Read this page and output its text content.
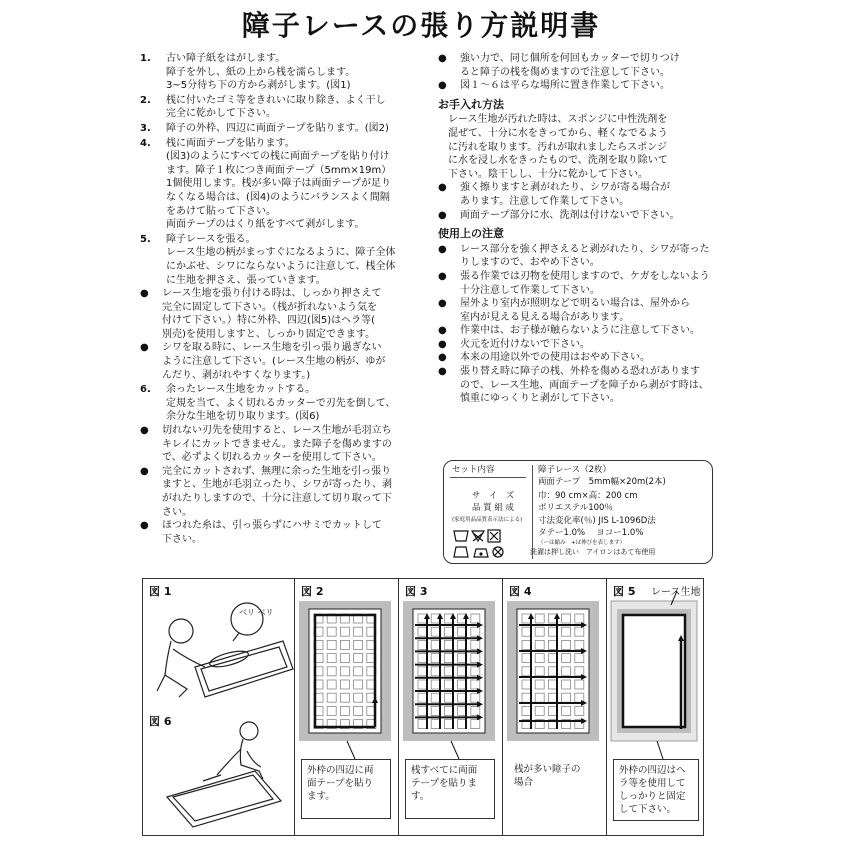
障子レースの張り方説明書
1.	古い障子紙をはがします。
障子を外し、紙の上から桟を濡らします。
3~5分待ち下の方から剥がします。(図1)
2.	桟に付いたゴミ等をきれいに取り除き、よく干し
完全に乾かして下さい。
3.	障子の外枠、四辺に両面テープを貼ります。(図2)
4.	桟に両面テープを貼ります。
(図3)のようにすべての桟に両面テープを貼り付け
ます。障子１枚につき両面テープ（5mm×19m）
1個使用します。桟が多い障子は両面テープが足り
なくなる場合は、(図4)のようにバランスよく間隔
をあけて貼って下さい。
両面テープのはくり紙をすべて剥がします。
5.	障子レースを張る。
レース生地の柄がまっすぐになるように、障子全体
にかぶせ、シワにならないように注意して、桟全体
に生地を押さえ、張っていきます。
●	レース生地を張り付ける時は、しっかり押さえて
完全に固定して下さい。（桟が折れないよう気を
付けて下さい。）特に外枠、四辺(図5)はヘラ等(
別売)を使用しますと、しっかり固定できます。
●	シワを取る時に、レース生地を引っ張り過ぎない
ように注意して下さい。(レース生地の柄が、ゆが
んだり、剥がれやすくなります。)
6.	余ったレース生地をカットする。
定規を当て、よく切れるカッターで刃先を倒して、
余分な生地を切り取ります。(図6)
●	切れない刃先を使用すると、レース生地が毛羽立ち
キレイにカットできません。また障子を傷めますの
で、必ずよく切れるカッターを使用して下さい。
●	完全にカットされず、無理に余った生地を引っ張り
ますと、生地が毛羽立ったり、シワが寄ったり、剥
がれたりしますので、十分に注意して切り取って下
さい。
●	ほつれた糸は、引っ張らずにハサミでカットして
下さい。
●	強い力で、同じ個所を何回もカッターで切りつけ
ると障子の桟を傷めますので注意して下さい。
●	図１～６は平らな場所に置き作業して下さい。
お手入れ方法
レース生地が汚れた時は、スポンジに中性洗剤を
混ぜて、十分に水をきってから、軽くなでるよう
に汚れを取ります。汚れが取れましたらスポンジ
に水を浸し水をきったもので、洗剤を取り除いて
下さい。陰干しし、十分に乾かして下さい。
●	強く擦りますと剥がれたり、シワが寄る場合が
あります。注意して作業して下さい。
●	両面テープ部分に水、洗剤は付けないで下さい。
使用上の注意
●	レース部分を強く押さえると剥がれたり、シワが寄った
りしますので、おやめ下さい。
●	張る作業では刃物を使用しますので、ケガをしないよう
十分注意して作業して下さい。
●	屋外より室内が照明などで明るい場合は、屋外から
室内が見える見える場合があります。
●	作業中は、お子様が触らないように注意して下さい。
●	火元を近付けないで下さい。
●	本来の用途以外での使用はおやめ下さい。
●	張り替え時に障子の桟、外枠を傷める恐れがあります
ので、レース生地、両面テープを障子から剥がす時は、
慎重にゆっくりと剥がして下さい。
セット内容	障子レース（2枚）
両面テープ　5mm幅×20m(2本)
サ　イ　ズ	巾：90 cm×高：200 cm
品 質 組 成	ポリエステル100％
(家庭用品品質表示法による)	寸法変化率(％) JIS L-1096D法
タテー1.0%　 ヨコー1.0%
（ーは縮み　+は伸びを表します）
洗濯は押し洗い　アイロンはあて布使用
図 1
図 6
ベリ ベリ
図 2
外枠の四辺に両
面テープを貼り
ます。
図 3
桟すべてに両面
テープを貼りま
す。
図 4
桟が多い障子の
場合
図 5 レース生地
外枠の四辺はヘ
ラ等を使用して
しっかりと固定
して下さい。
